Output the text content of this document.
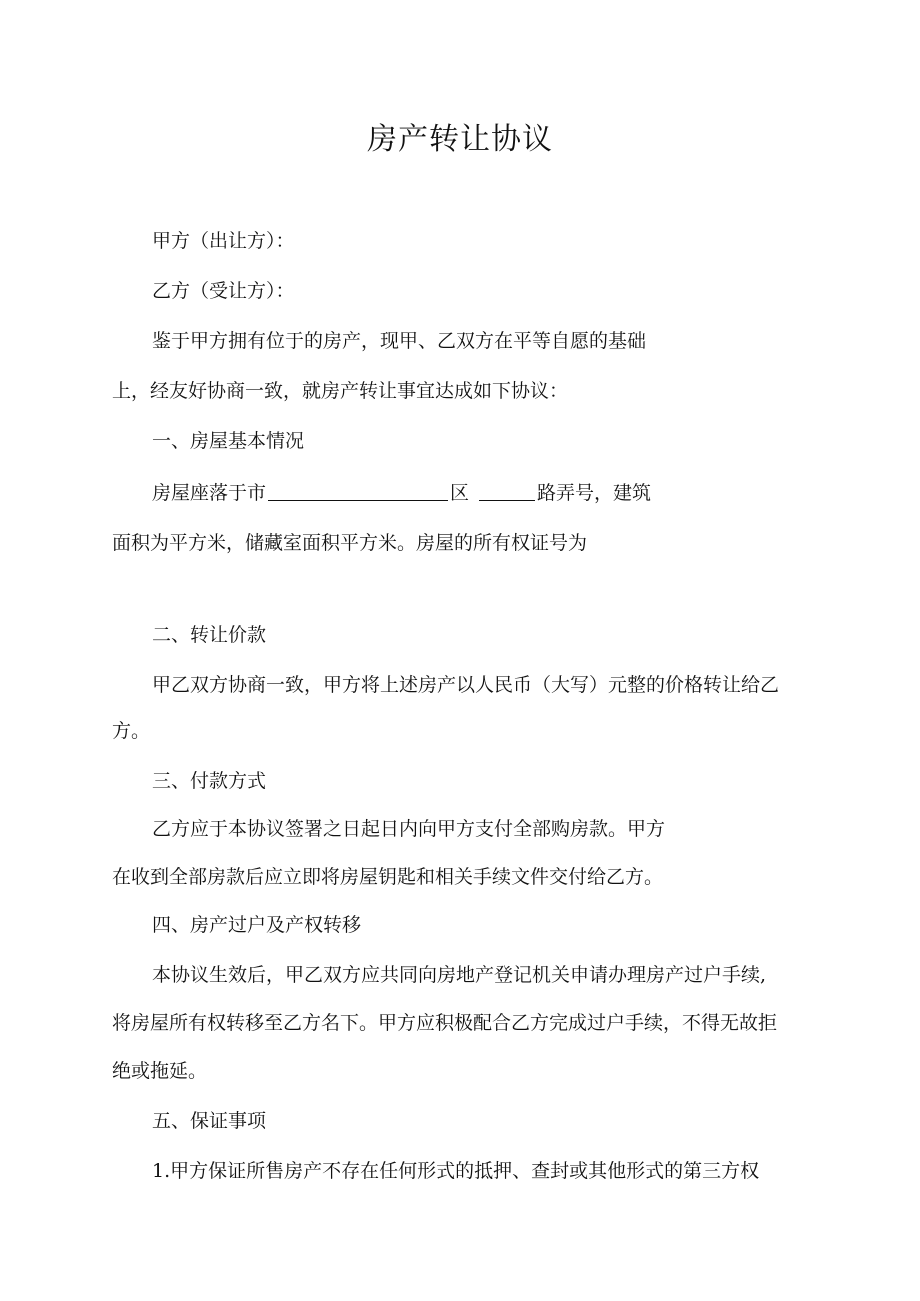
房产转让协议
甲方（出让方）：
乙方（受让方）：
鉴于甲方拥有位于的房产，现甲、乙双方在平等自愿的基础
上，经友好协商一致，就房产转让事宜达成如下协议：
一、房屋基本情况
房屋座落于市	区	路弄号，建筑
面积为平方米，储藏室面积平方米。房屋的所有权证号为
二、转让价款
甲乙双方协商一致，甲方将上述房产以人民币（大写）元整的价格转让给乙
方。
三、付款方式
乙方应于本协议签署之日起日内向甲方支付全部购房款。甲方
在收到全部房款后应立即将房屋钥匙和相关手续文件交付给乙方。
四、房产过户及产权转移
本协议生效后，甲乙双方应共同向房地产登记机关申请办理房产过户手续,
将房屋所有权转移至乙方名下。甲方应积极配合乙方完成过户手续，不得无故拒
绝或拖延。
五、保证事项
1.甲方保证所售房产不存在任何形式的抵押、查封或其他形式的第三方权
